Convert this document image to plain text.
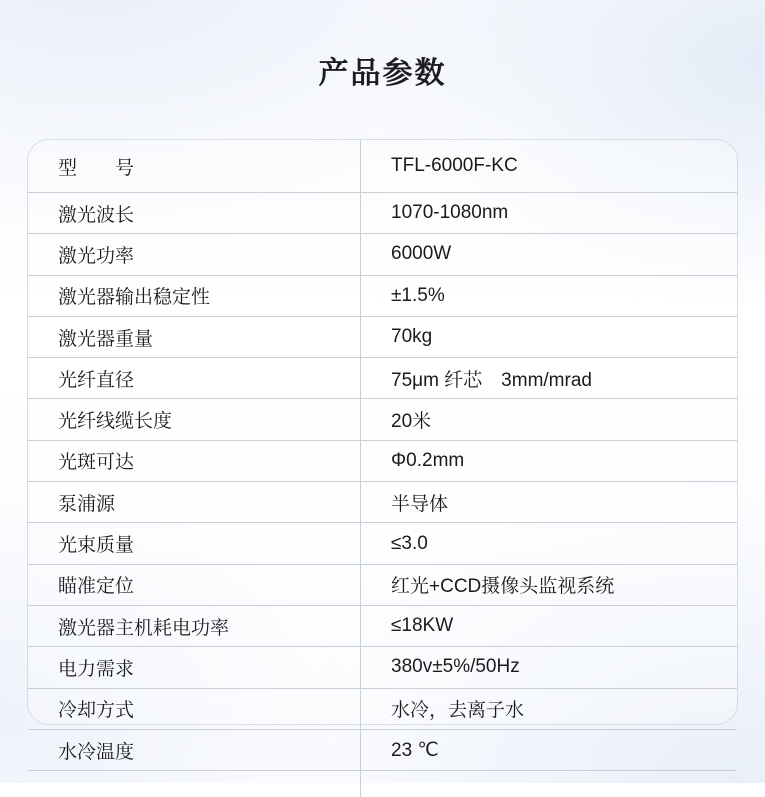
产品参数
型　　号	TFL-6000F-KC
激光波长	1070-1080nm
激光功率	6000W
激光器输出稳定性	±1.5%
激光器重量	70kg
光纤直径	75μm 纤芯　3mm/mrad
光纤线缆长度	20米
光斑可达	Φ0.2mm
泵浦源	半导体
光束质量	≤3.0
瞄准定位	红光+CCD摄像头监视系统
激光器主机耗电功率	≤18KW
电力需求	380v±5%/50Hz
冷却方式	水冷，去离子水
水冷温度	23 ℃
